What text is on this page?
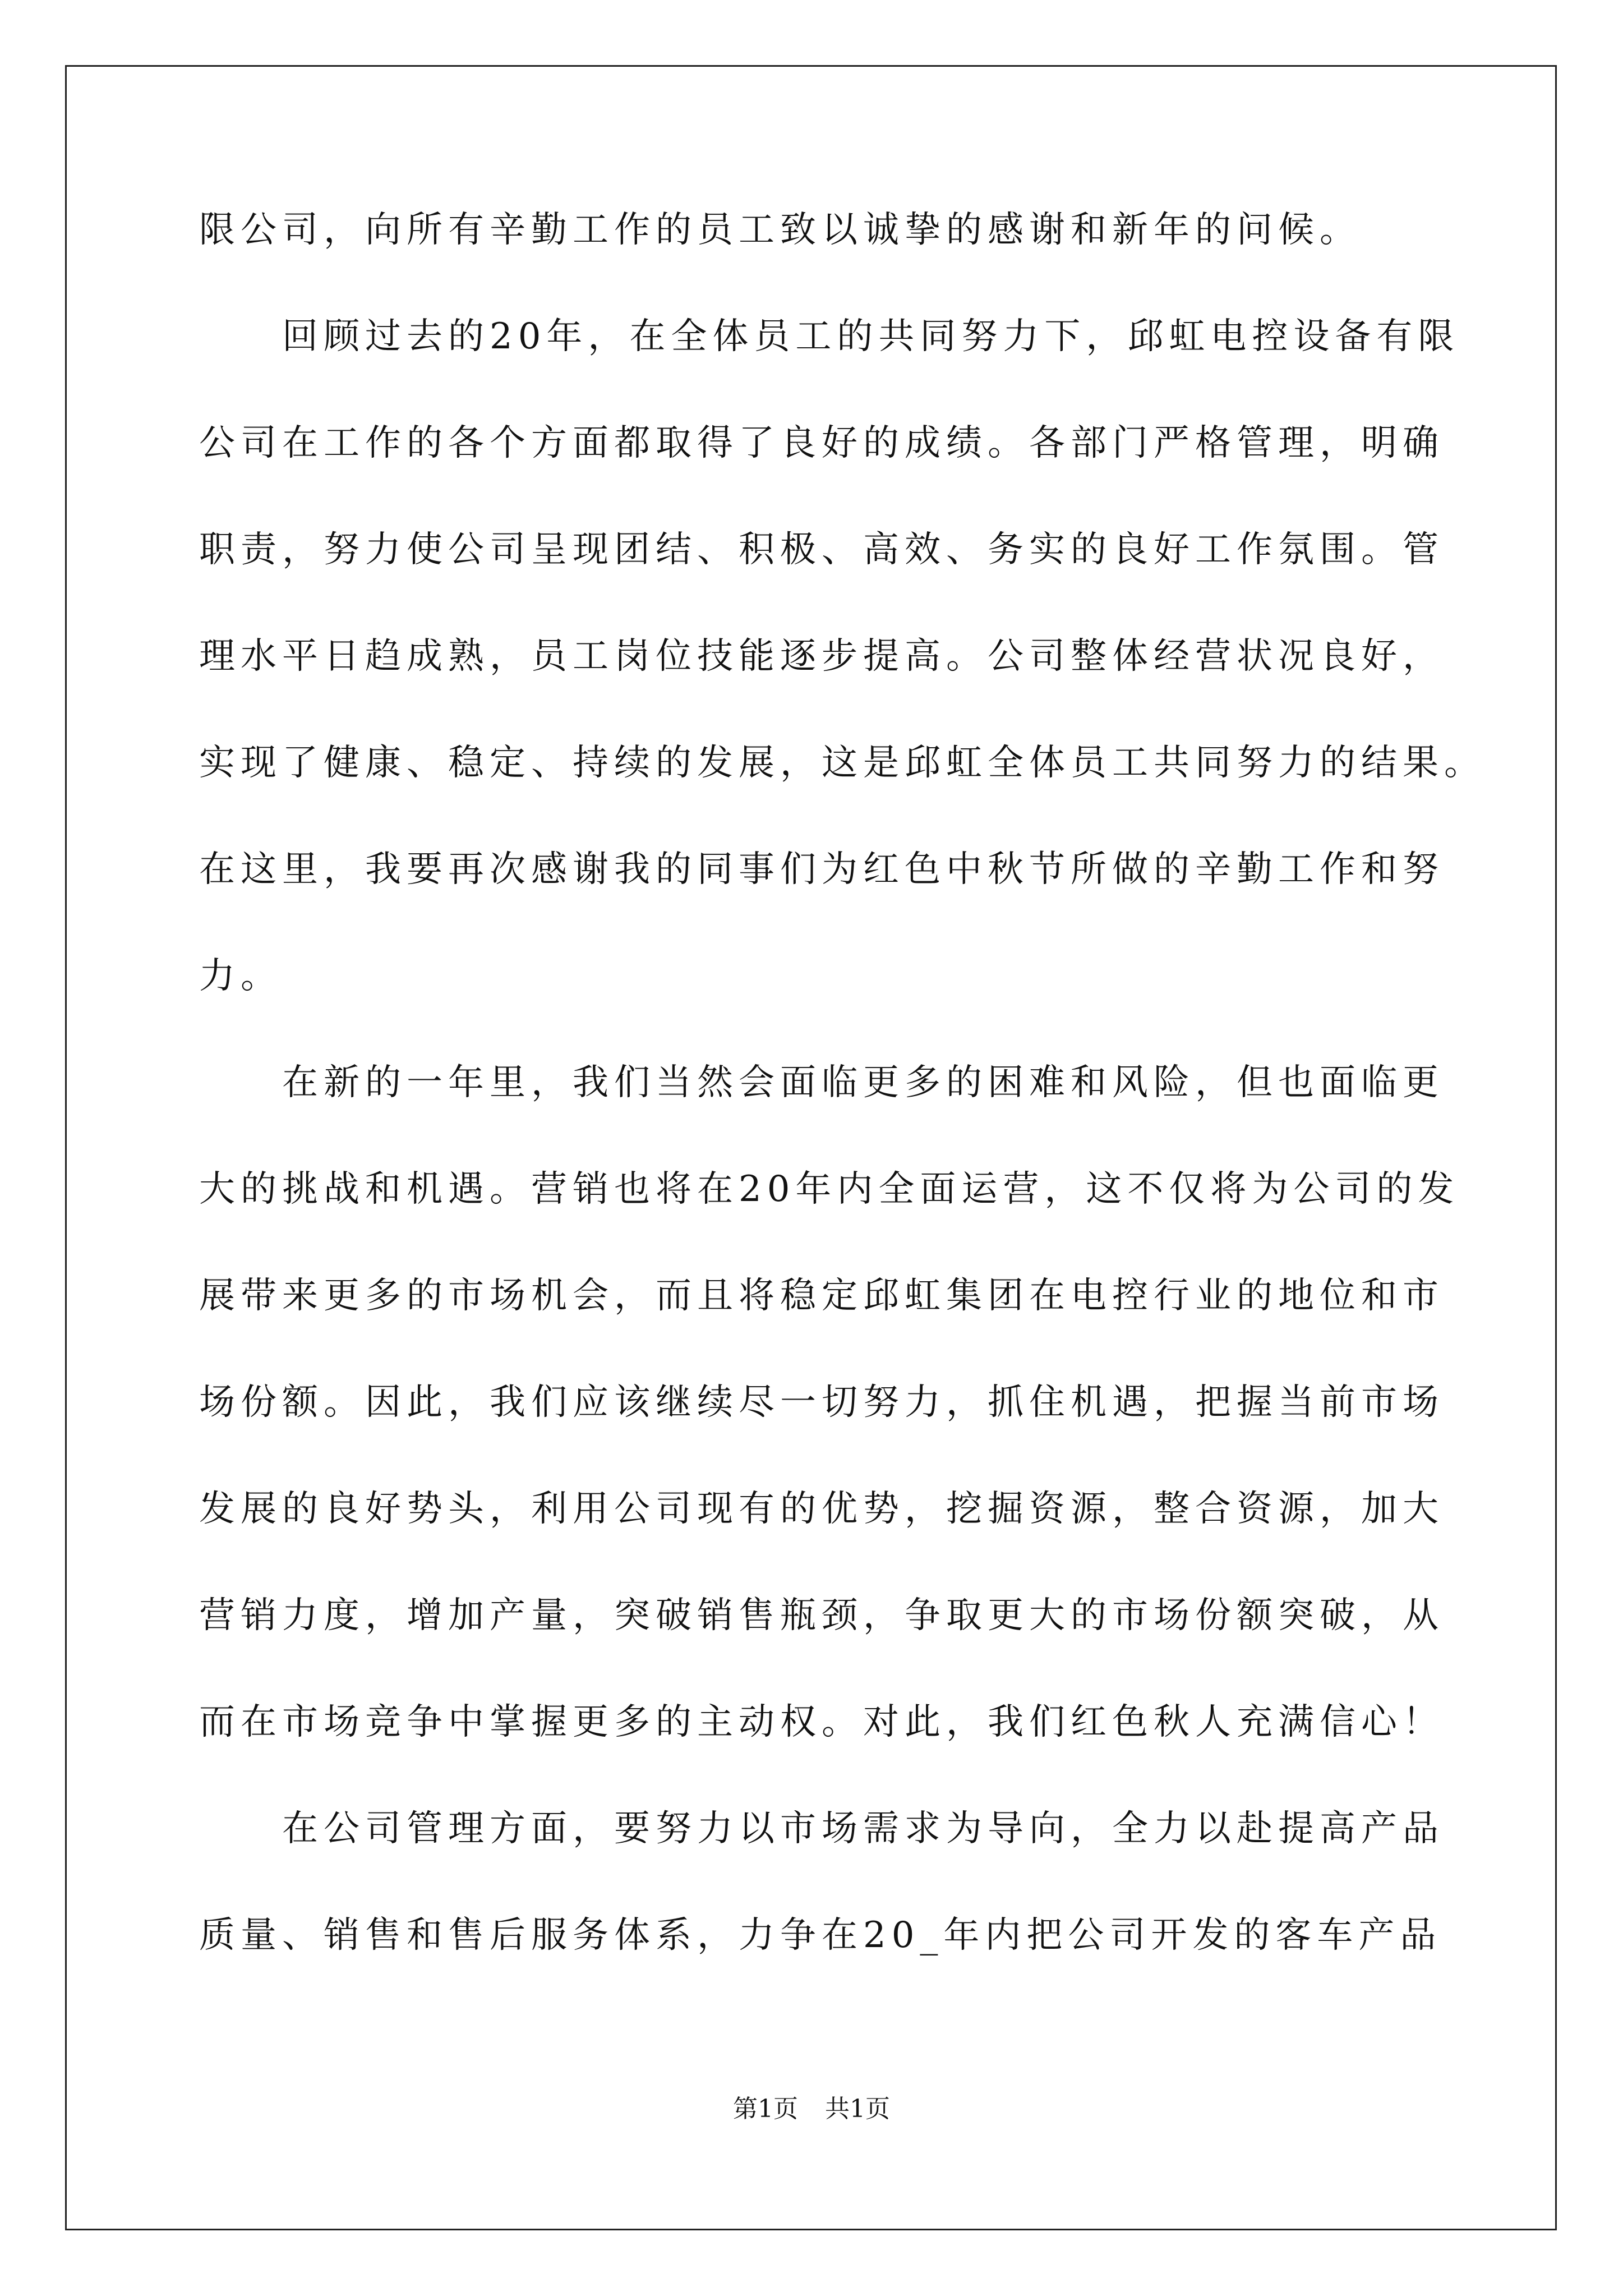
限公司，向所有辛勤工作的员工致以诚挚的感谢和新年的问候。
回顾过去的20年，在全体员工的共同努力下，邱虹电控设备有限
公司在工作的各个方面都取得了良好的成绩。各部门严格管理，明确
职责，努力使公司呈现团结、积极、高效、务实的良好工作氛围。管
理水平日趋成熟，员工岗位技能逐步提高。公司整体经营状况良好，
实现了健康、稳定、持续的发展，这是邱虹全体员工共同努力的结果。
在这里，我要再次感谢我的同事们为红色中秋节所做的辛勤工作和努
力。
在新的一年里，我们当然会面临更多的困难和风险，但也面临更
大的挑战和机遇。营销也将在20年内全面运营，这不仅将为公司的发
展带来更多的市场机会，而且将稳定邱虹集团在电控行业的地位和市
场份额。因此，我们应该继续尽一切努力，抓住机遇，把握当前市场
发展的良好势头，利用公司现有的优势，挖掘资源，整合资源，加大
营销力度，增加产量，突破销售瓶颈，争取更大的市场份额突破，从
而在市场竞争中掌握更多的主动权。对此，我们红色秋人充满信心！
在公司管理方面，要努力以市场需求为导向，全力以赴提高产品
质量、销售和售后服务体系，力争在20_年内把公司开发的客车产品
第1页 共1页
